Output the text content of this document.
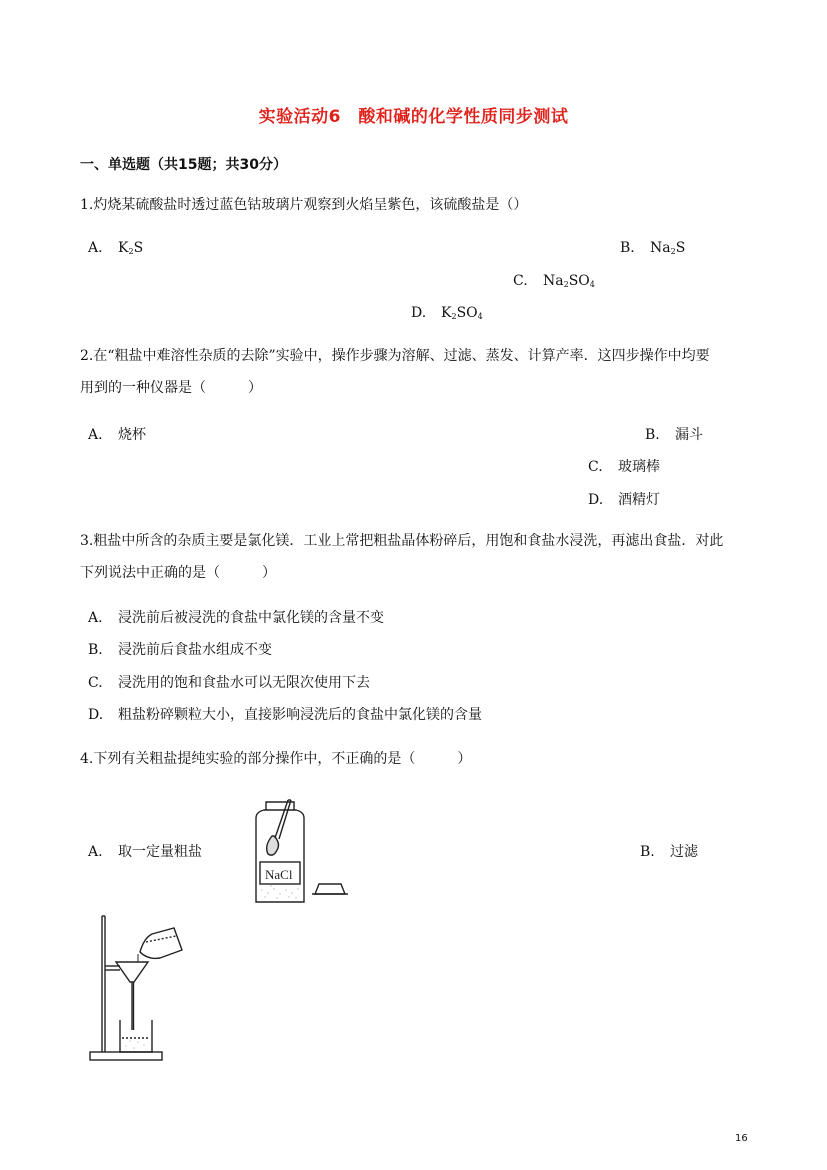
实验活动6　酸和碱的化学性质同步测试
一、单选题（共15题；共30分）
1.灼烧某硫酸盐时透过蓝色钴玻璃片观察到火焰呈紫色，该硫酸盐是（）
A. $K_2S$	B. $Na_2S$
C. $Na_2SO_4$
D. $K_2SO_4$
2.在“粗盐中难溶性杂质的去除”实验中，操作步骤为溶解、过滤、蒸发、计算产率．这四步操作中均要
用到的一种仪器是（　　　）
A. 烧杯	B. 漏斗
C. 玻璃棒
D. 酒精灯
3.粗盐中所含的杂质主要是氯化镁．工业上常把粗盐晶体粉碎后，用饱和食盐水浸洗，再滤出食盐．对此
下列说法中正确的是（　　　）
A. 浸洗前后被浸洗的食盐中氯化镁的含量不变
B. 浸洗前后食盐水组成不变
C. 浸洗用的饱和食盐水可以无限次使用下去
D. 粗盐粉碎颗粒大小，直接影响浸洗后的食盐中氯化镁的含量
4.下列有关粗盐提纯实验的部分操作中，不正确的是（　　　）
A. 取一定量粗盐	B. 过滤
NaCl
16
